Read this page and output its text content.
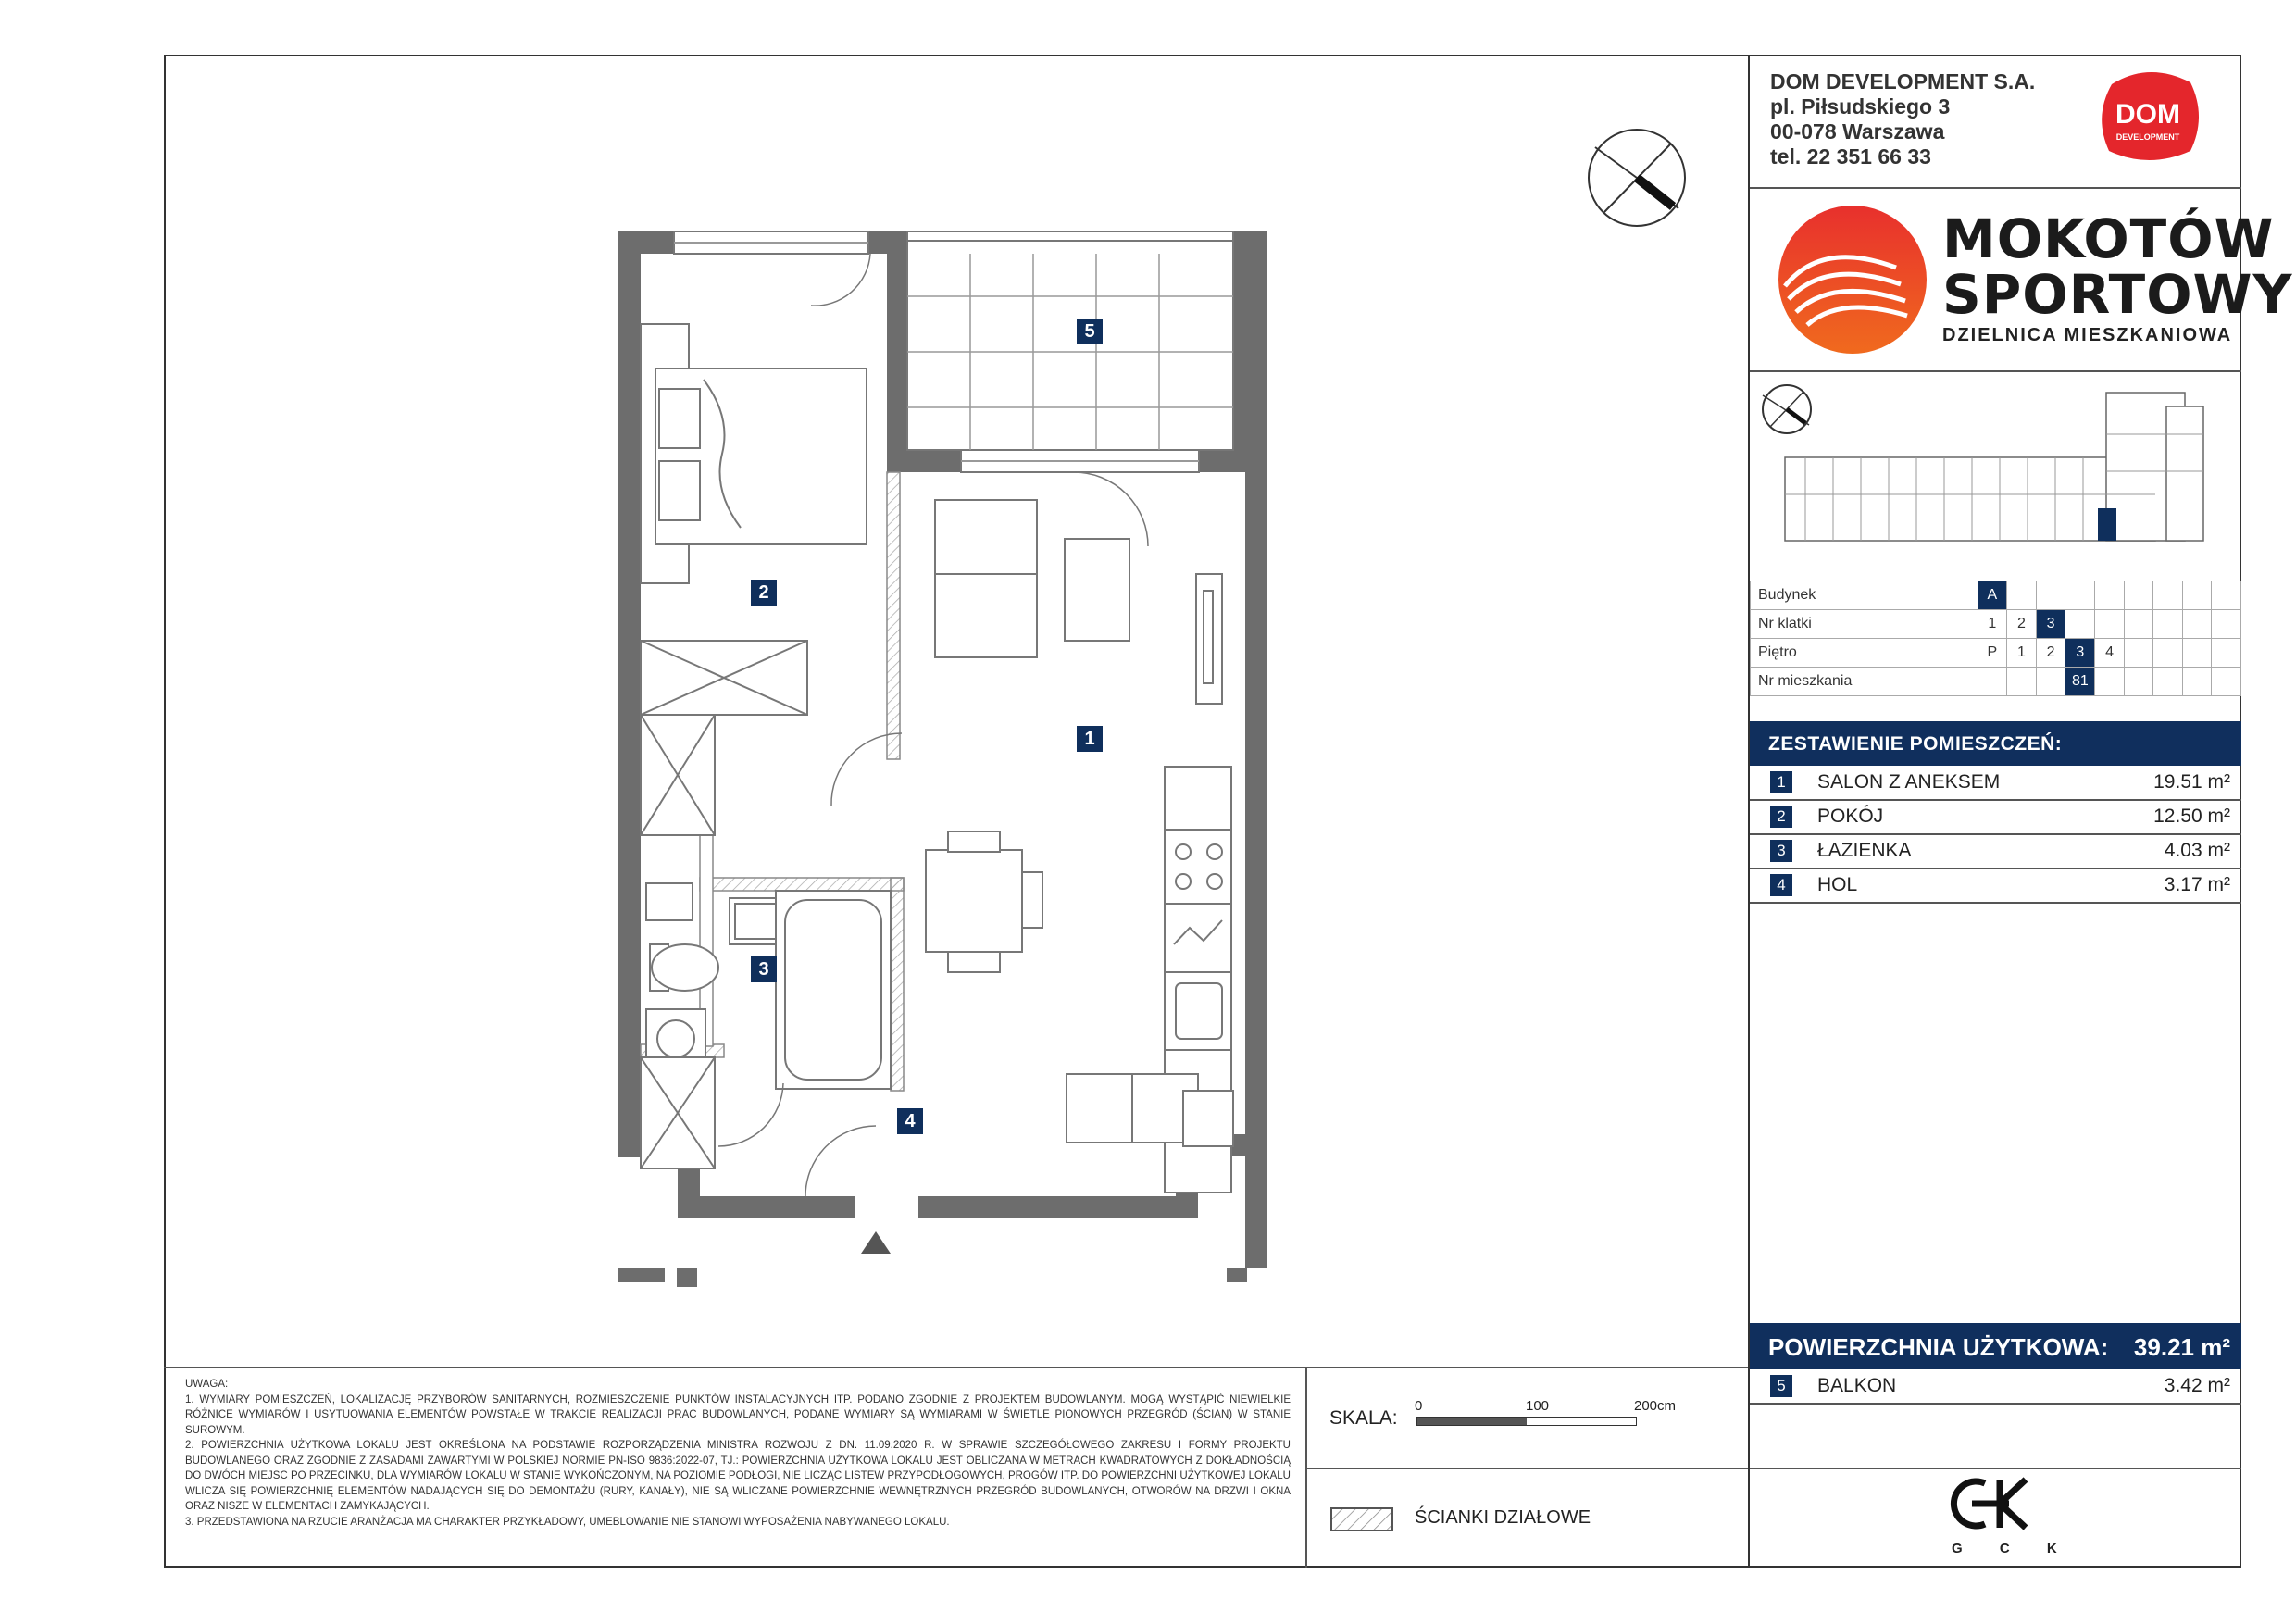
5
2
1
3
4
DOM DEVELOPMENT S.A.
pl. Piłsudskiego 3
00-078 Warszawa
tel. 22 351 66 33
DOM
DEVELOPMENT
MOKOTÓW
SPORTOWY
DZIELNICA MIESZKANIOWA
Budynek	A								
Nr klatki	1	2	3						
Piętro	P	1	2	3	4				
Nr mieszkania				81					
ZESTAWIENIE POMIESZCZEŃ:
1	SALON Z ANEKSEM	19.51 m²
2	POKÓJ	12.50 m²
3	ŁAZIENKA	4.03 m²
4	HOL	3.17 m²
POWIERZCHNIA UŻYTKOWA: 39.21 m²
5	BALKON	3.42 m²
G C K

UWAGA:

1. WYMIARY POMIESZCZEŃ, LOKALIZACJĘ PRZYBORÓW SANITARNYCH, ROZMIESZCZENIE PUNKTÓW INSTALACYJNYCH ITP. PODANO ZGODNIE Z PROJEKTEM BUDOWLANYM. MOGĄ WYSTĄPIĆ NIEWIELKIE RÓŻNICE WYMIARÓW I USYTUOWANIA ELEMENTÓW POWSTAŁE W TRAKCIE REALIZACJI PRAC BUDOWLANYCH, PODANE WYMIARY SĄ WYMIARAMI W ŚWIETLE PIONOWYCH PRZEGRÓD (ŚCIAN) W STANIE SUROWYM.

2. POWIERZCHNIA UŻYTKOWA LOKALU JEST OKREŚLONA NA PODSTAWIE ROZPORZĄDZENIA MINISTRA ROZWOJU Z DN. 11.09.2020 R. W SPRAWIE SZCZEGÓŁOWEGO ZAKRESU I FORMY PROJEKTU BUDOWLANEGO ORAZ ZGODNIE Z ZASADAMI ZAWARTYMI W POLSKIEJ NORMIE PN-ISO 9836:2022-07, TJ.: POWIERZCHNIA UŻYTKOWA LOKALU JEST OBLICZANA W METRACH KWADRATOWYCH Z DOKŁADNOŚCIĄ DO DWÓCH MIEJSC PO PRZECINKU, DLA WYMIARÓW LOKALU W STANIE WYKOŃCZONYM, NA POZIOMIE PODŁOGI, NIE LICZĄC LISTEW PRZYPODŁOGOWYCH, PROGÓW ITP. DO POWIERZCHNI UŻYTKOWEJ LOKALU WLICZA SIĘ POWIERZCHNIĘ ELEMENTÓW NADAJĄCYCH SIĘ DO DEMONTAŻU (RURY, KANAŁY), NIE SĄ WLICZANE POWIERZCHNIE WEWNĘTRZNYCH PRZEGRÓD BUDOWLANYCH, OTWORÓW NA DRZWI I OKNA ORAZ NISZE W ELEMENTACH ZAMYKAJĄCYCH.

3. PRZEDSTAWIONA NA RZUCIE ARANŻACJA MA CHARAKTER PRZYKŁADOWY, UMEBLOWANIE NIE STANOWI WYPOSAŻENIA NABYWANEGO LOKALU.

SKALA:
0	100	200cm
ŚCIANKI DZIAŁOWE
